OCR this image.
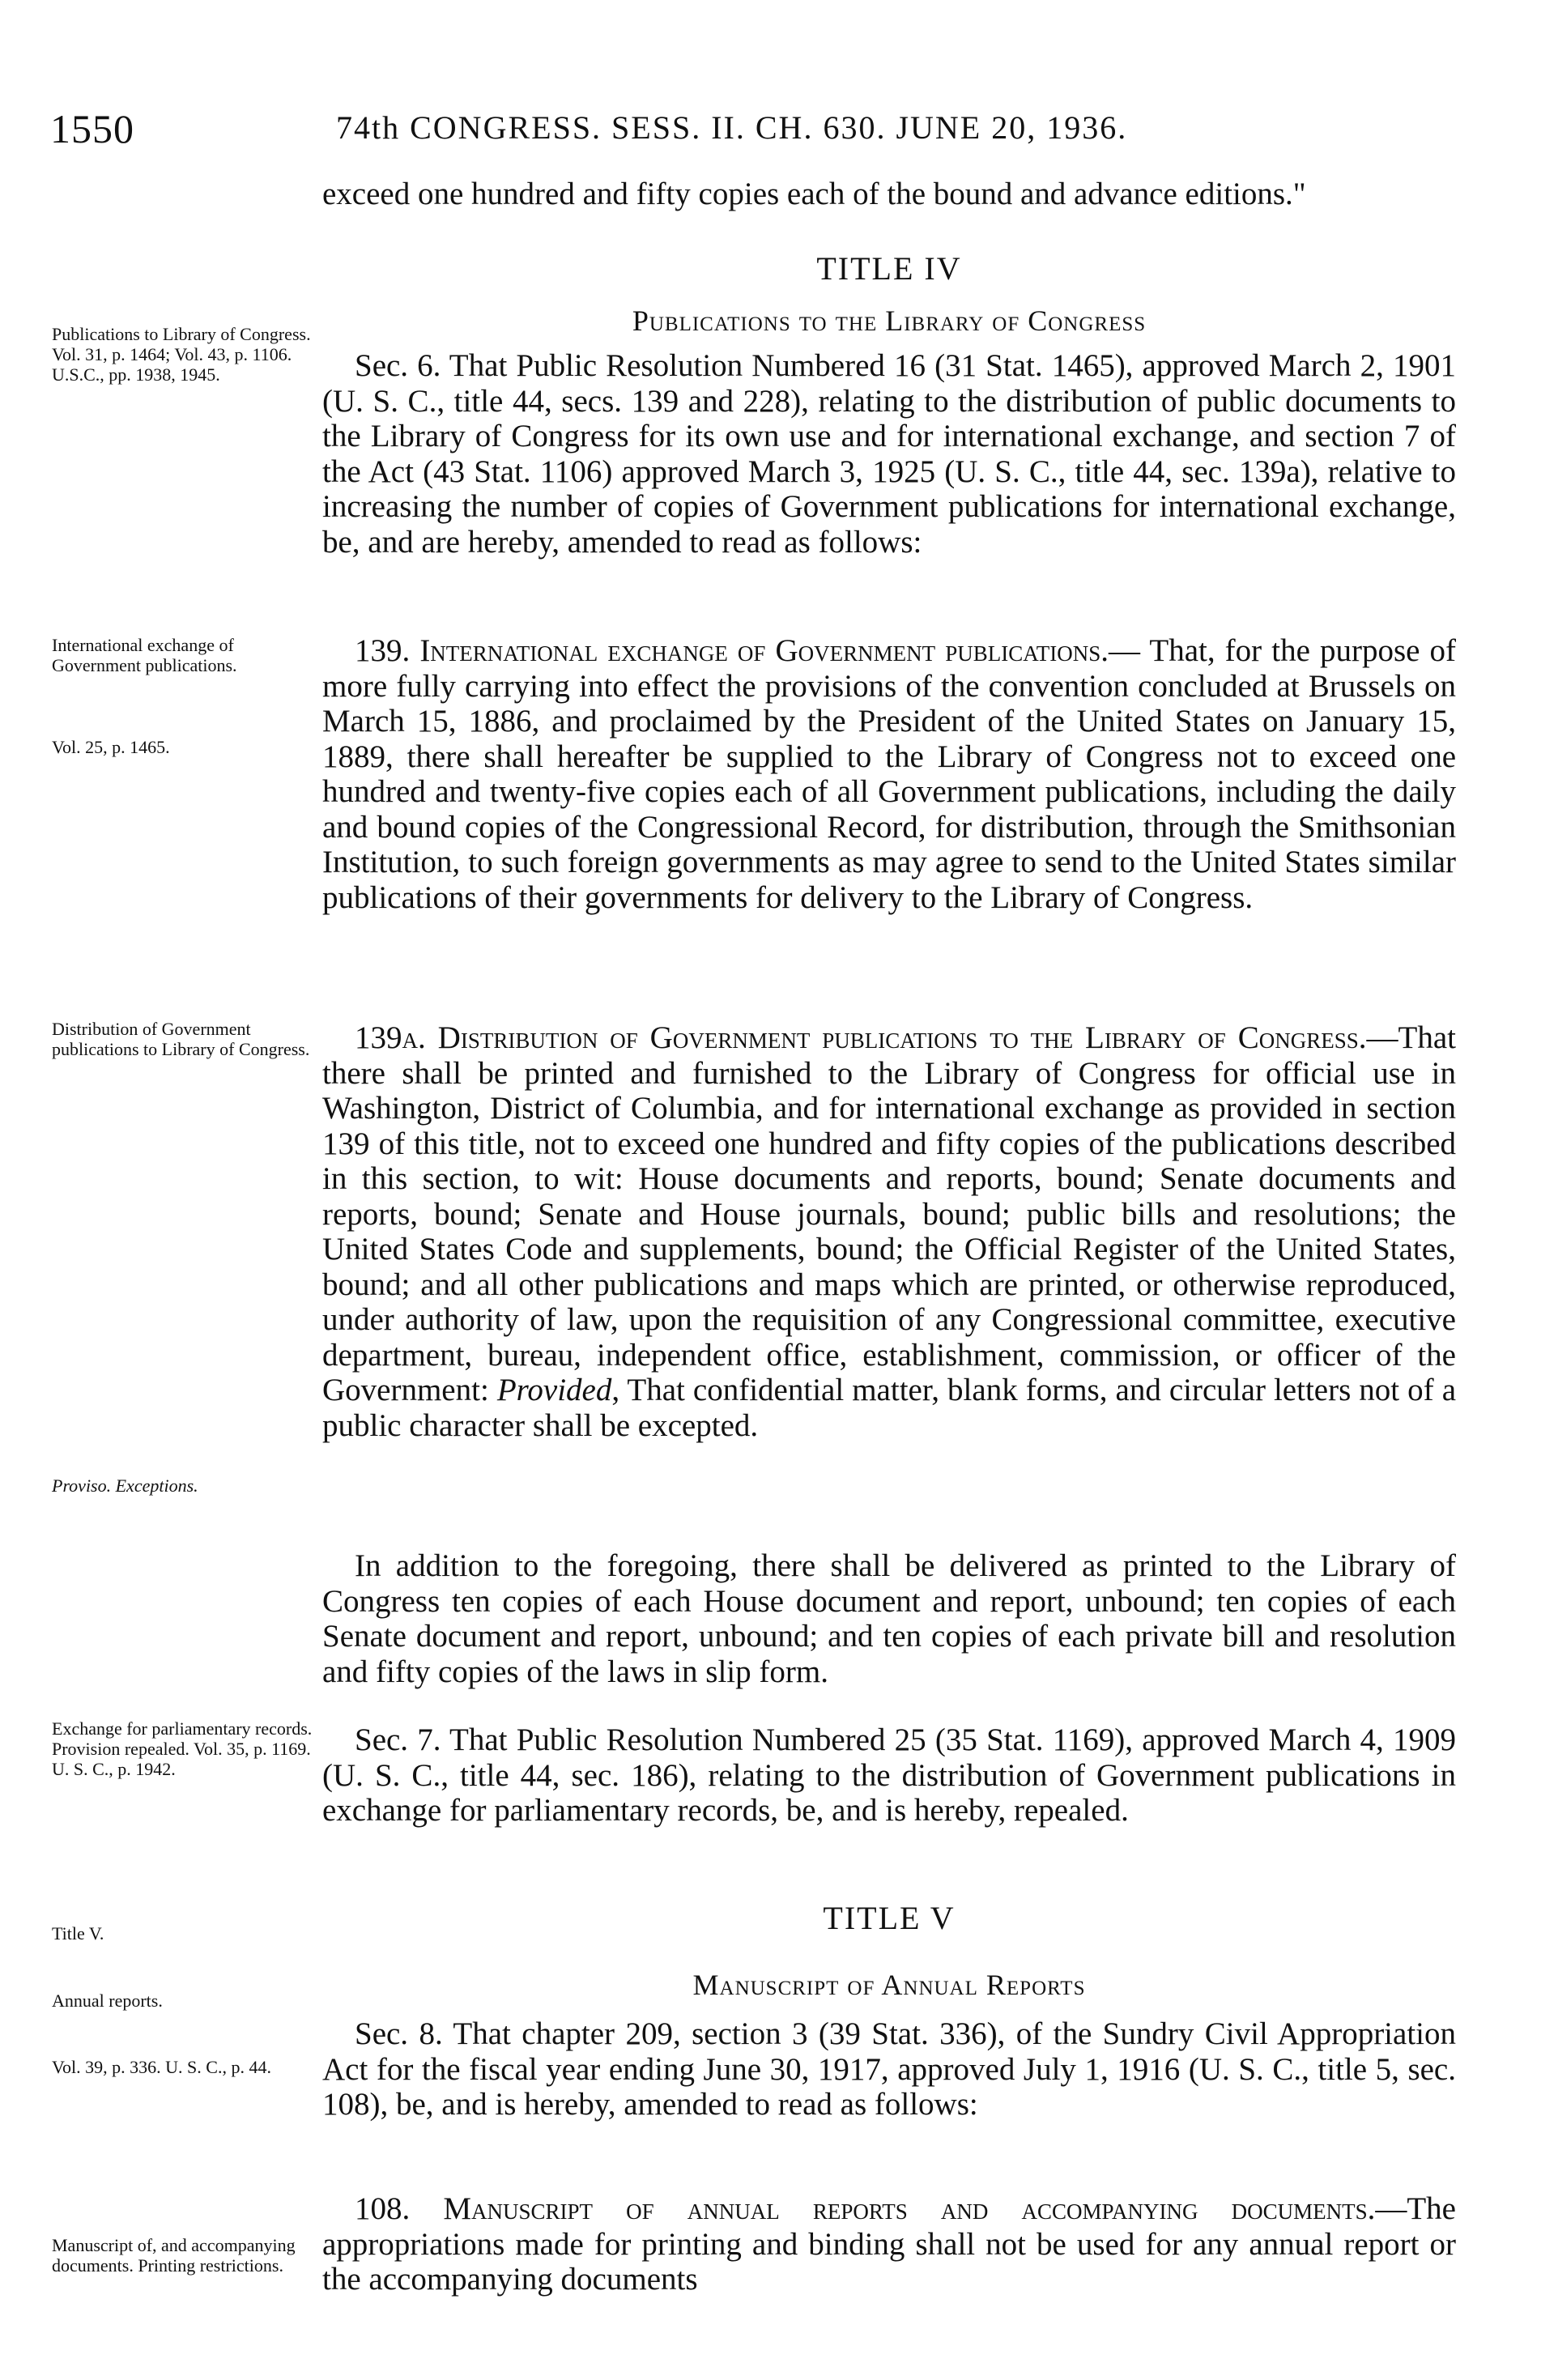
1550	74th CONGRESS. SESS. II. CH. 630. JUNE 20, 1936.
Publications to Library of Congress. Vol. 31, p. 1464; Vol. 43, p. 1106. U.S.C., pp. 1938, 1945.
International exchange of Government publications.
Vol. 25, p. 1465.
Distribution of Government publications to Library of Congress.
Proviso. Exceptions.
Exchange for parliamentary records. Provision repealed. Vol. 35, p. 1169. U. S. C., p. 1942.
Title V.
Annual reports.
Vol. 39, p. 336. U. S. C., p. 44.
Manuscript of, and accompanying documents. Printing restrictions.
exceed one hundred and fifty copies each of the bound and advance editions."
TITLE IV
Publications to the Library of Congress
Sec. 6. That Public Resolution Numbered 16 (31 Stat. 1465), approved March 2, 1901 (U. S. C., title 44, secs. 139 and 228), relating to the distribution of public documents to the Library of Congress for its own use and for international exchange, and section 7 of the Act (43 Stat. 1106) approved March 3, 1925 (U. S. C., title 44, sec. 139a), relative to increasing the number of copies of Government publications for international exchange, be, and are hereby, amended to read as follows:
139. International exchange of Government publications.— That, for the purpose of more fully carrying into effect the provisions of the convention concluded at Brussels on March 15, 1886, and proclaimed by the President of the United States on January 15, 1889, there shall hereafter be supplied to the Library of Congress not to exceed one hundred and twenty-five copies each of all Government publications, including the daily and bound copies of the Congressional Record, for distribution, through the Smithsonian Institution, to such foreign governments as may agree to send to the United States similar publications of their governments for delivery to the Library of Congress.
139a. Distribution of Government publications to the Library of Congress.—That there shall be printed and furnished to the Library of Congress for official use in Washington, District of Columbia, and for international exchange as provided in section 139 of this title, not to exceed one hundred and fifty copies of the publications described in this section, to wit: House documents and reports, bound; Senate documents and reports, bound; Senate and House journals, bound; public bills and resolutions; the United States Code and supplements, bound; the Official Register of the United States, bound; and all other publications and maps which are printed, or otherwise reproduced, under authority of law, upon the requisition of any Congressional committee, executive department, bureau, independent office, establishment, commission, or officer of the Government: Provided, That confidential matter, blank forms, and circular letters not of a public character shall be excepted.
In addition to the foregoing, there shall be delivered as printed to the Library of Congress ten copies of each House document and report, unbound; ten copies of each Senate document and report, unbound; and ten copies of each private bill and resolution and fifty copies of the laws in slip form.
Sec. 7. That Public Resolution Numbered 25 (35 Stat. 1169), approved March 4, 1909 (U. S. C., title 44, sec. 186), relating to the distribution of Government publications in exchange for parliamentary records, be, and is hereby, repealed.
TITLE V
Manuscript of Annual Reports
Sec. 8. That chapter 209, section 3 (39 Stat. 336), of the Sundry Civil Appropriation Act for the fiscal year ending June 30, 1917, approved July 1, 1916 (U. S. C., title 5, sec. 108), be, and is hereby, amended to read as follows:
108. Manuscript of annual reports and accompanying documents.—The appropriations made for printing and binding shall not be used for any annual report or the accompanying documents
